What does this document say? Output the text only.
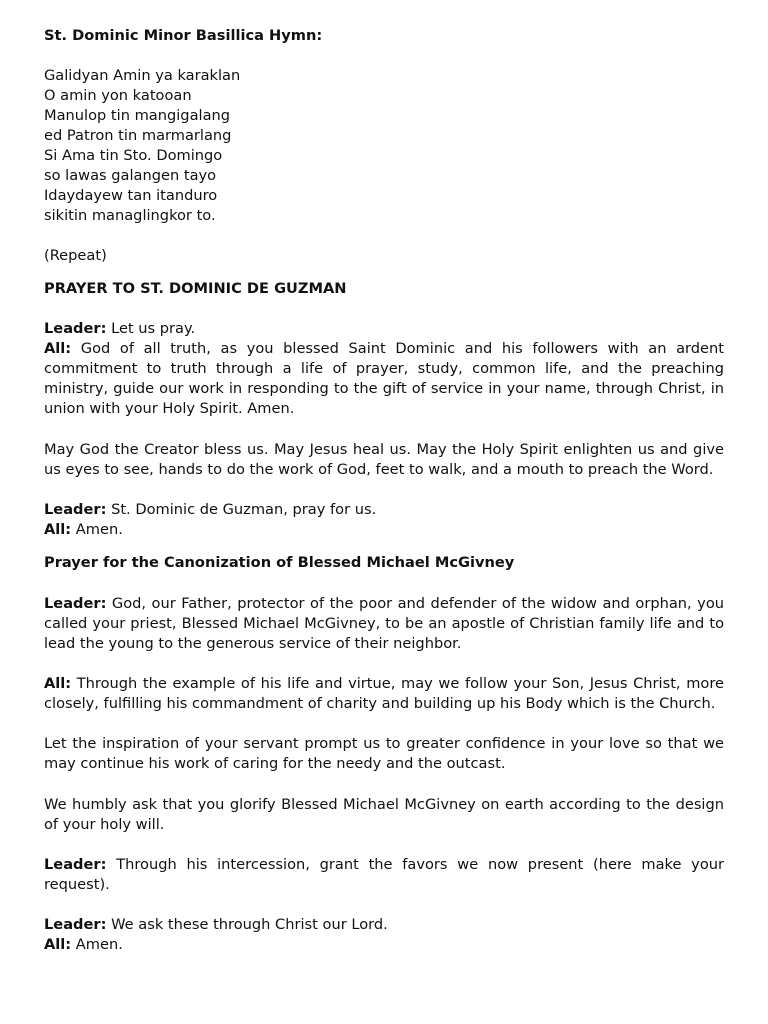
St. Dominic Minor Basillica Hymn:

Galidyan Amin ya karaklan
O amin yon katooan
Manulop tin mangigalang
ed Patron tin marmarlang
Si Ama tin Sto. Domingo
so lawas galangen tayo
Idaydayew tan itanduro
sikitin managlingkor to.

(Repeat)

PRAYER TO ST. DOMINIC DE GUZMAN

Leader: Let us pray.

All: God of all truth, as you blessed Saint Dominic and his followers with an ardent commitment to truth through a life of prayer, study, common life, and the preaching ministry, guide our work in responding to the gift of service in your name, through Christ, in union with your Holy Spirit. Amen.

May God the Creator bless us. May Jesus heal us. May the Holy Spirit enlighten us and give us eyes to see, hands to do the work of God, feet to walk, and a mouth to preach the Word.

Leader: St. Dominic de Guzman, pray for us.

All: Amen.

Prayer for the Canonization of Blessed Michael McGivney

Leader: God, our Father, protector of the poor and defender of the widow and orphan, you called your priest, Blessed Michael McGivney, to be an apostle of Christian family life and to lead the young to the generous service of their neighbor.

All: Through the example of his life and virtue, may we follow your Son, Jesus Christ, more closely, fulfilling his commandment of charity and building up his Body which is the Church.

Let the inspiration of your servant prompt us to greater confidence in your love so that we may continue his work of caring for the needy and the outcast.

We humbly ask that you glorify Blessed Michael McGivney on earth according to the design of your holy will.

Leader: Through his intercession, grant the favors we now present (here make your request).

Leader: We ask these through Christ our Lord.

All: Amen.
